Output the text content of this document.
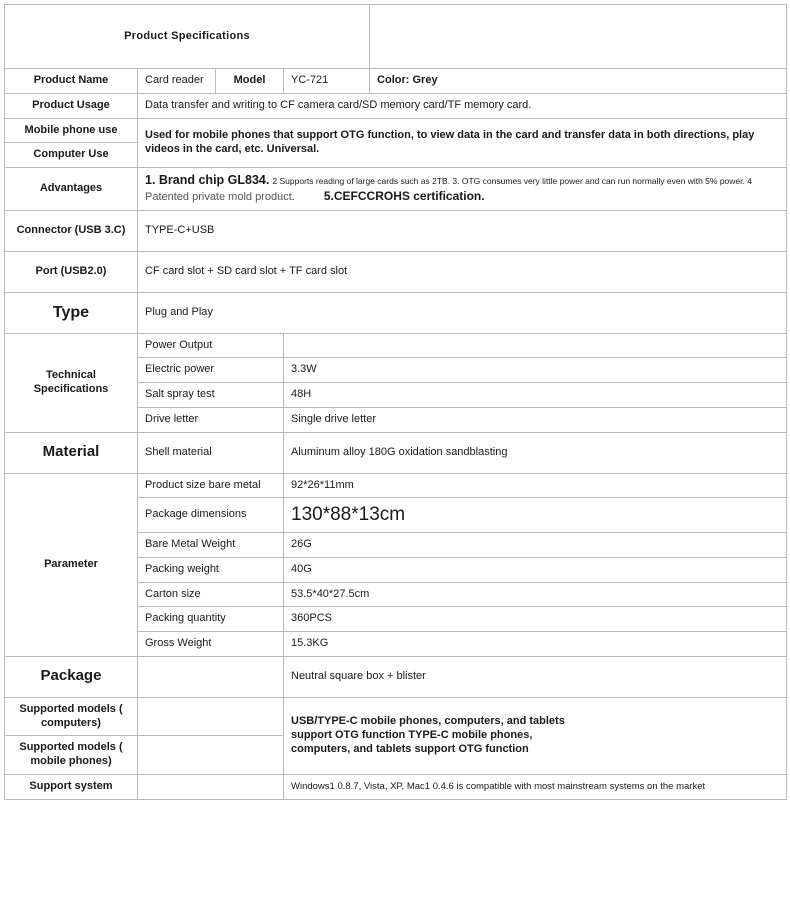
Product Specifications				
Product Name	Card reader	Model	YC-721	Color: Grey
Product Usage	Data transfer and writing to CF camera card/SD memory card/TF memory card.			
Mobile phone use	Used for mobile phones that support OTG function, to view data in the card and transfer data in both directions, play videos in the card, etc. Universal.			
Computer Use				
Advantages	1. Brand chip GL834. 2 Supports reading of large cards such as 2TB. 3. OTG consumes very little power and can run normally even with 5% power. 4
Patented private mold product. 5.CEFCCROHS certification.			
Connector (USB 3.C)	TYPE-C+USB			
Port (USB2.0)	CF card slot + SD card slot + TF card slot			
Type	Plug and Play			
Technical Specifications	Power Output			
	Electric power		3.3W	
	Salt spray test		48H	
	Drive letter		Single drive letter	
Material	Shell material		Aluminum alloy 180G oxidation sandblasting	
Parameter	Product size bare metal		92*26*11mm	
	Package dimensions		130*88*13cm	
	Bare Metal Weight		26G	
	Packing weight		40G	
	Carton size		53.5*40*27.5cm	
	Packing quantity		360PCS	
	Gross Weight		15.3KG	
Package			Neutral square box + blister	
Supported models ( computers)			USB/TYPE-C mobile phones, computers, and tablets
support OTG function TYPE-C mobile phones,
computers, and tablets support OTG function	

Supported models ( mobile phones)				
Support system			Windows1 0.8.7, Vista, XP, Mac1 0.4.6 is compatible with most mainstream systems on the market	
